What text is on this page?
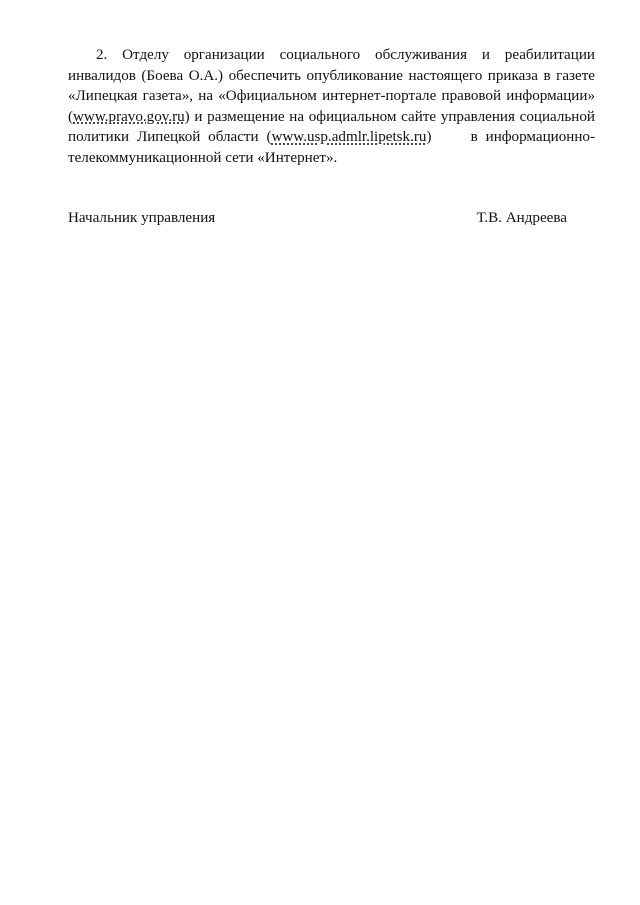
2. Отделу организации социального обслуживания и реабилитации инвалидов (Боева О.А.) обеспечить опубликование настоящего приказа в газете «Липецкая газета», на «Официальном интернет-портале правовой информации» (www.pravo.gov.ru) и размещение на официальном сайте управления социальной политики Липецкой области (www.usp.admlr.lipetsk.ru)     в информационно-телекоммуникационной сети «Интернет».

Начальник управления	Т.В. Андреева
